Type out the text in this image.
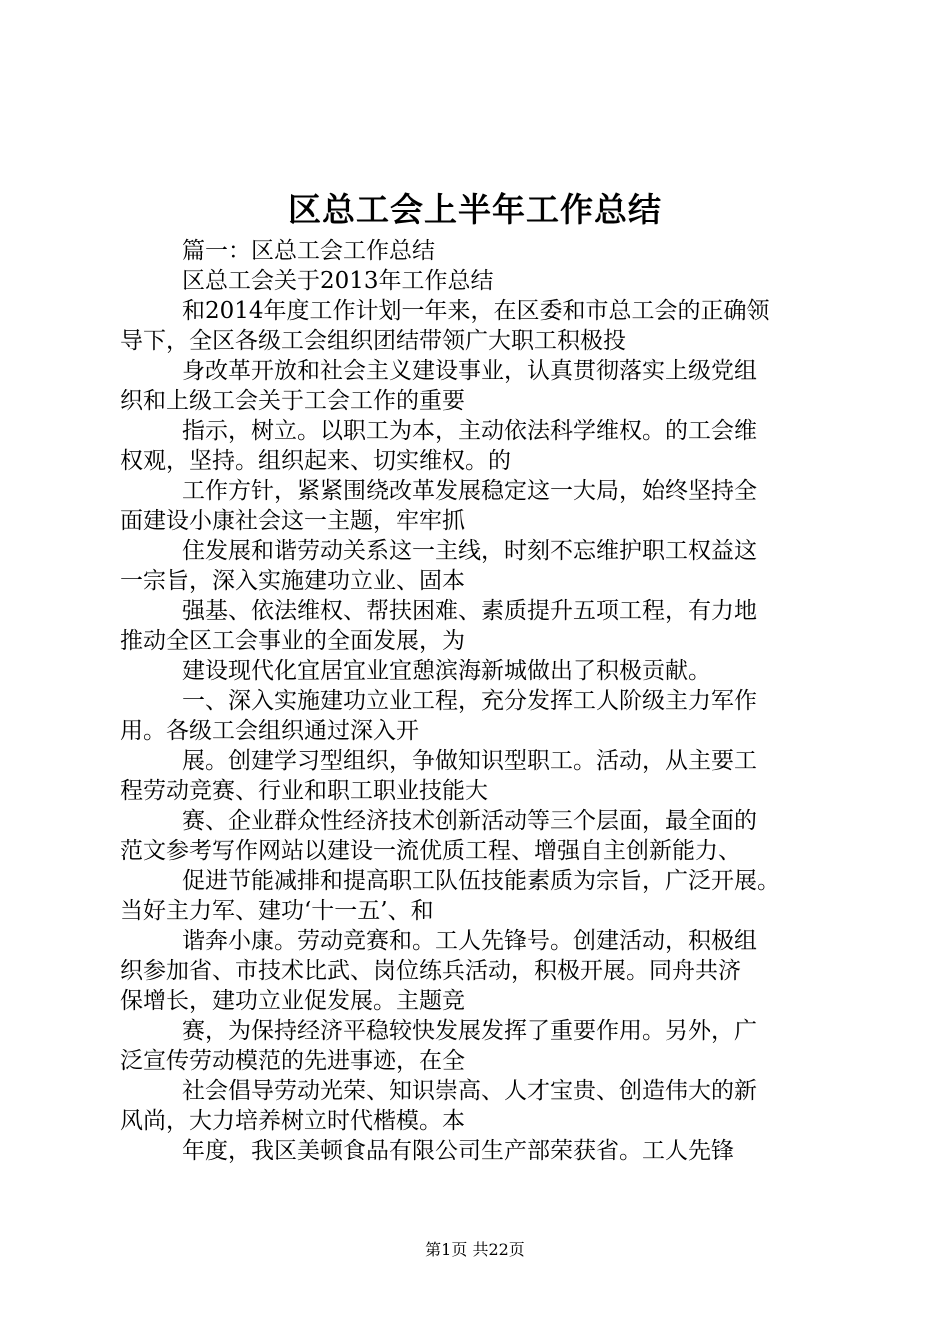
区总工会上半年工作总结

篇一：区总工会工作总结

区总工会关于2013年工作总结

和2014年度工作计划一年来，在区委和市总工会的正确领
导下，全区各级工会组织团结带领广大职工积极投

身改革开放和社会主义建设事业，认真贯彻落实上级党组
织和上级工会关于工会工作的重要

指示，树立。以职工为本，主动依法科学维权。的工会维
权观，坚持。组织起来、切实维权。的

工作方针，紧紧围绕改革发展稳定这一大局，始终坚持全
面建设小康社会这一主题，牢牢抓

住发展和谐劳动关系这一主线，时刻不忘维护职工权益这
一宗旨，深入实施建功立业、固本

强基、依法维权、帮扶困难、素质提升五项工程，有力地
推动全区工会事业的全面发展，为

建设现代化宜居宜业宜憩滨海新城做出了积极贡献。

一、深入实施建功立业工程，充分发挥工人阶级主力军作
用。各级工会组织通过深入开

展。创建学习型组织，争做知识型职工。活动，从主要工
程劳动竞赛、行业和职工职业技能大

赛、企业群众性经济技术创新活动等三个层面，最全面的
范文参考写作网站以建设一流优质工程、增强自主创新能力、

促进节能减排和提高职工队伍技能素质为宗旨，广泛开展。
当好主力军、建功‘十一五’、和

谐奔小康。劳动竞赛和。工人先锋号。创建活动，积极组
织参加省、市技术比武、岗位练兵活动，积极开展。同舟共济
保增长，建功立业促发展。主题竞

赛，为保持经济平稳较快发展发挥了重要作用。另外，广
泛宣传劳动模范的先进事迹，在全

社会倡导劳动光荣、知识崇高、人才宝贵、创造伟大的新
风尚，大力培养树立时代楷模。本

年度，我区美顿食品有限公司生产部荣获省。工人先锋

第1页 共22页
